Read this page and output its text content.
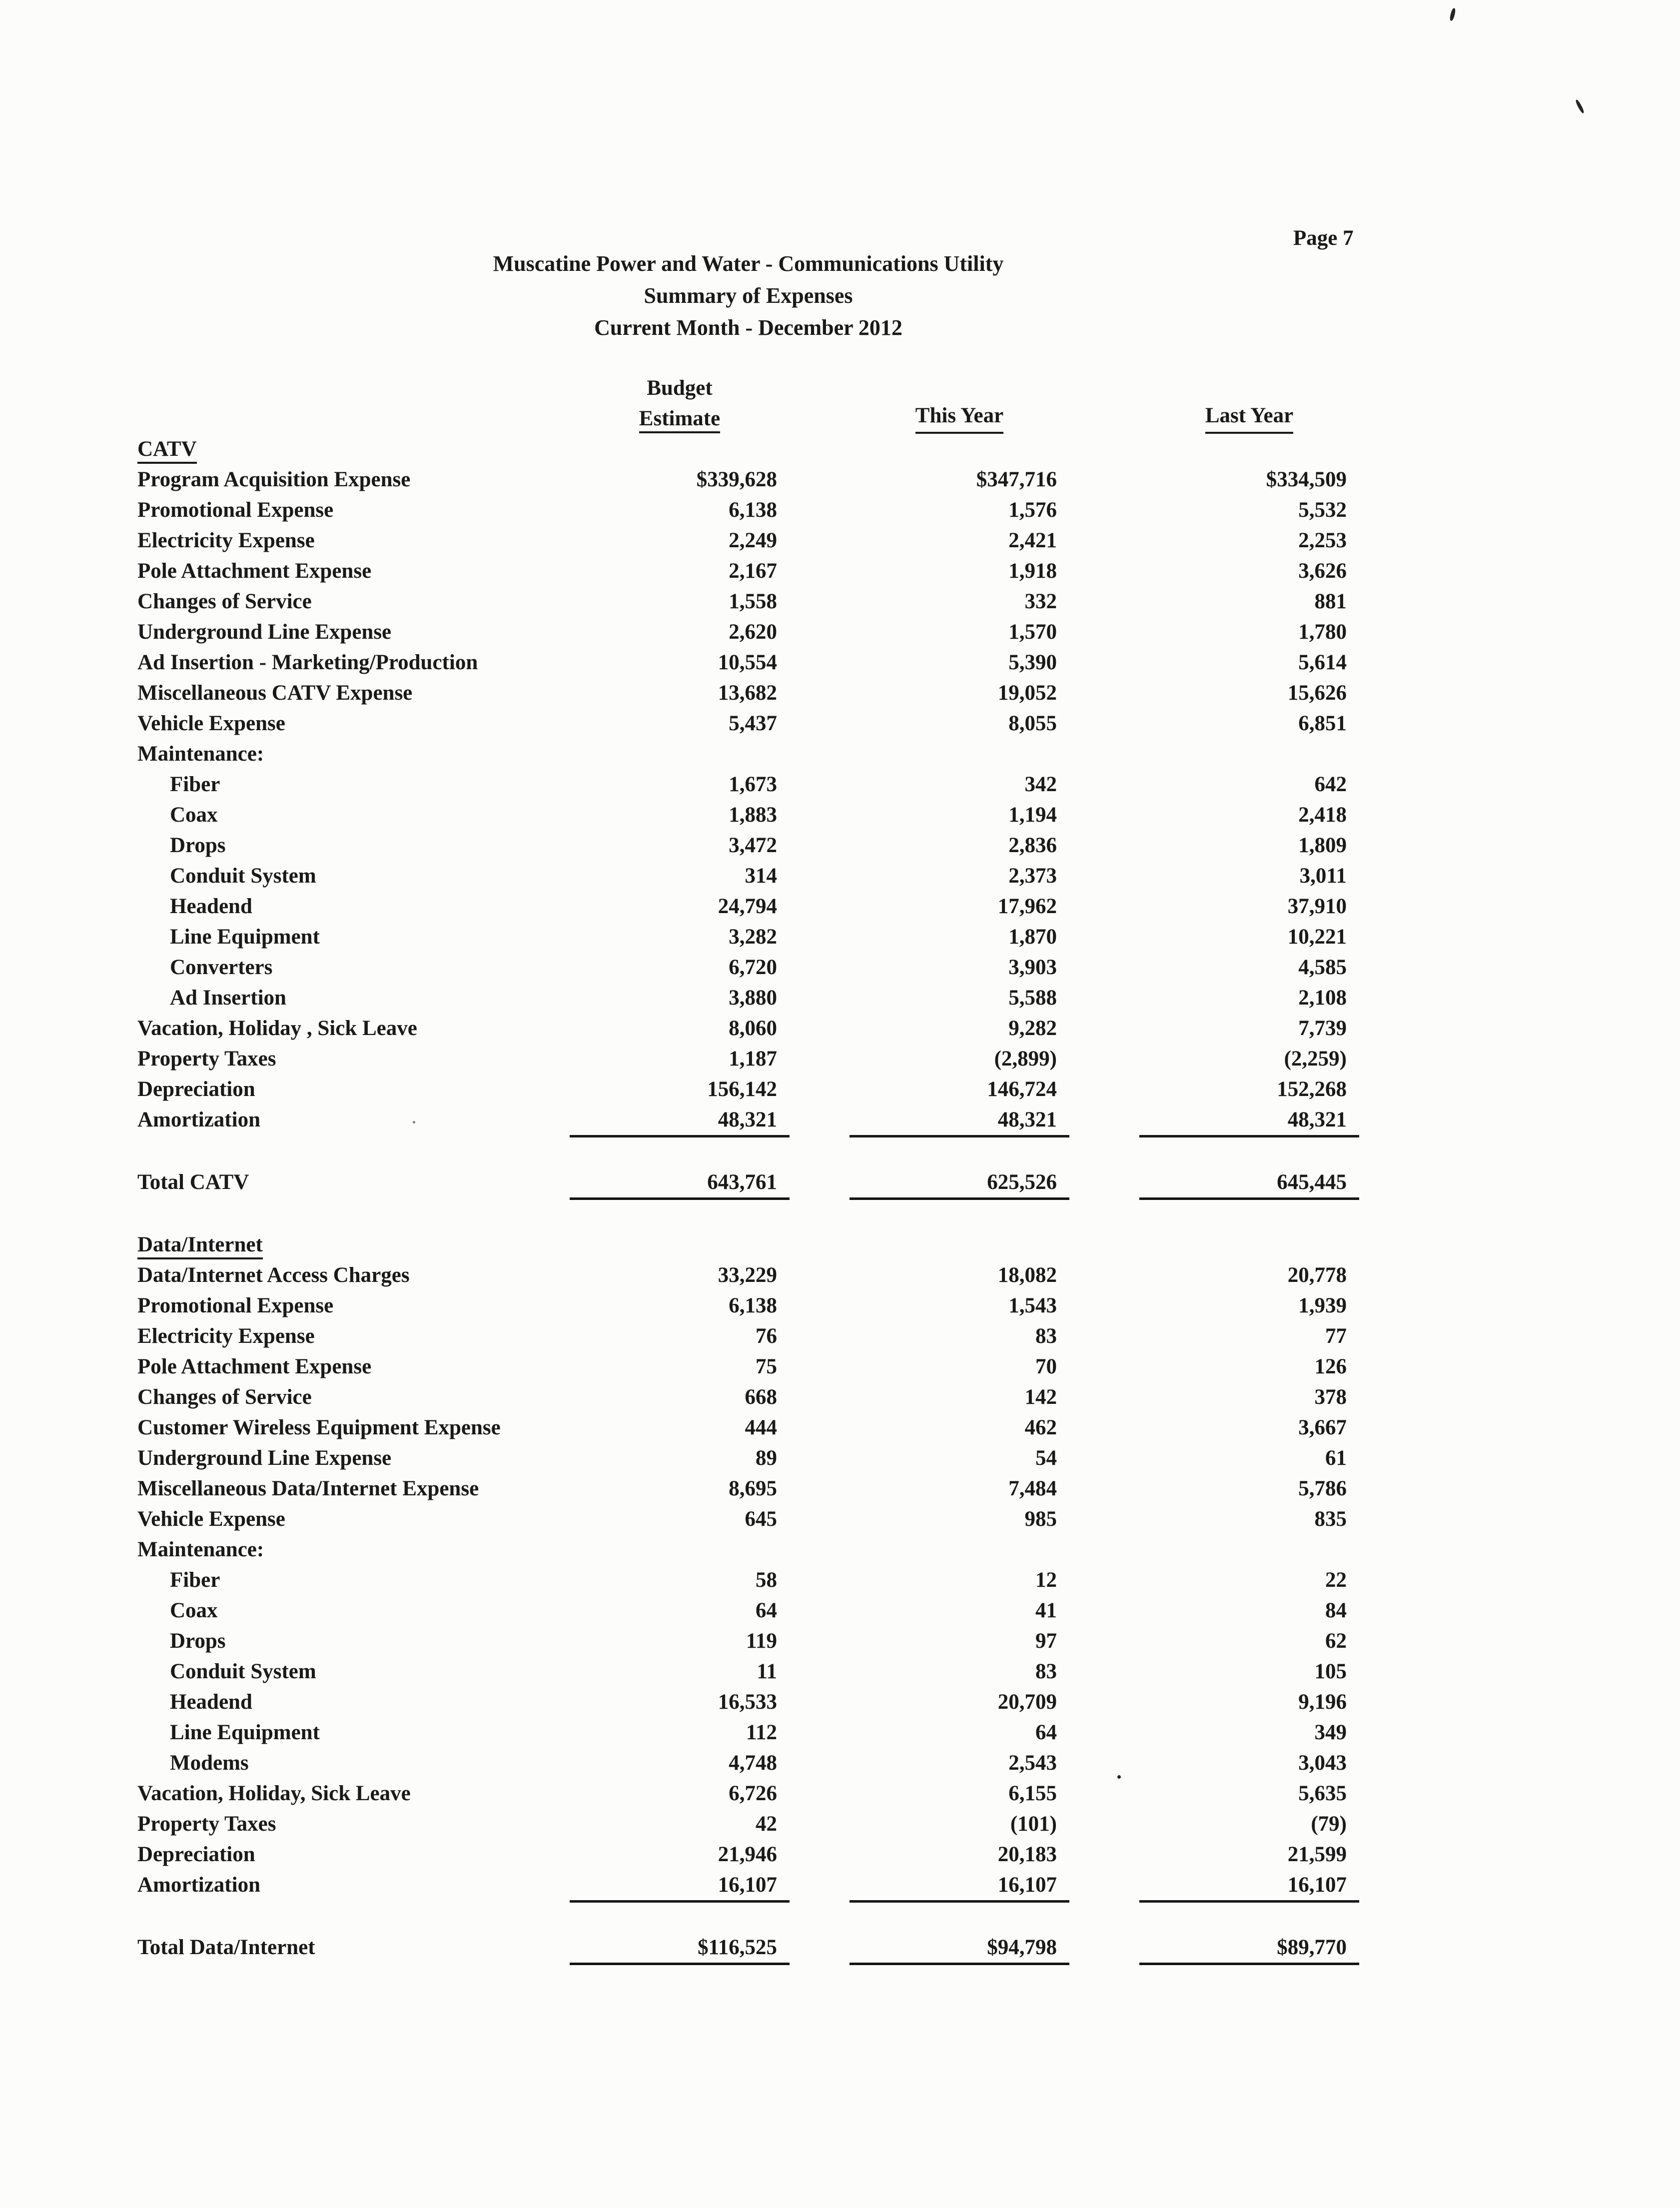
Page 7
Muscatine Power and Water - Communications Utility
Summary of Expenses
Current Month - December 2012
Budget
Estimate	This Year	Last Year
CATV
Program Acquisition Expense	$339,628	$347,716	$334,509
Promotional Expense	6,138	1,576	5,532
Electricity Expense	2,249	2,421	2,253
Pole Attachment Expense	2,167	1,918	3,626
Changes of Service	1,558	332	881
Underground Line Expense	2,620	1,570	1,780
Ad Insertion - Marketing/Production	10,554	5,390	5,614
Miscellaneous CATV Expense	13,682	19,052	15,626
Vehicle Expense	5,437	8,055	6,851
Maintenance:
Fiber	1,673	342	642
Coax	1,883	1,194	2,418
Drops	3,472	2,836	1,809
Conduit System	314	2,373	3,011
Headend	24,794	17,962	37,910
Line Equipment	3,282	1,870	10,221
Converters	6,720	3,903	4,585
Ad Insertion	3,880	5,588	2,108
Vacation, Holiday , Sick Leave	8,060	9,282	7,739
Property Taxes	1,187	(2,899)	(2,259)
Depreciation	156,142	146,724	152,268
Amortization	48,321	48,321	48,321
Total CATV	643,761	625,526	645,445
Data/Internet
Data/Internet Access Charges	33,229	18,082	20,778
Promotional Expense	6,138	1,543	1,939
Electricity Expense	76	83	77
Pole Attachment Expense	75	70	126
Changes of Service	668	142	378
Customer Wireless Equipment Expense	444	462	3,667
Underground Line Expense	89	54	61
Miscellaneous Data/Internet Expense	8,695	7,484	5,786
Vehicle Expense	645	985	835
Maintenance:
Fiber	58	12	22
Coax	64	41	84
Drops	119	97	62
Conduit System	11	83	105
Headend	16,533	20,709	9,196
Line Equipment	112	64	349
Modems	4,748	2,543	3,043
Vacation, Holiday, Sick Leave	6,726	6,155	5,635
Property Taxes	42	(101)	(79)
Depreciation	21,946	20,183	21,599
Amortization	16,107	16,107	16,107
Total Data/Internet	$116,525	$94,798	$89,770
